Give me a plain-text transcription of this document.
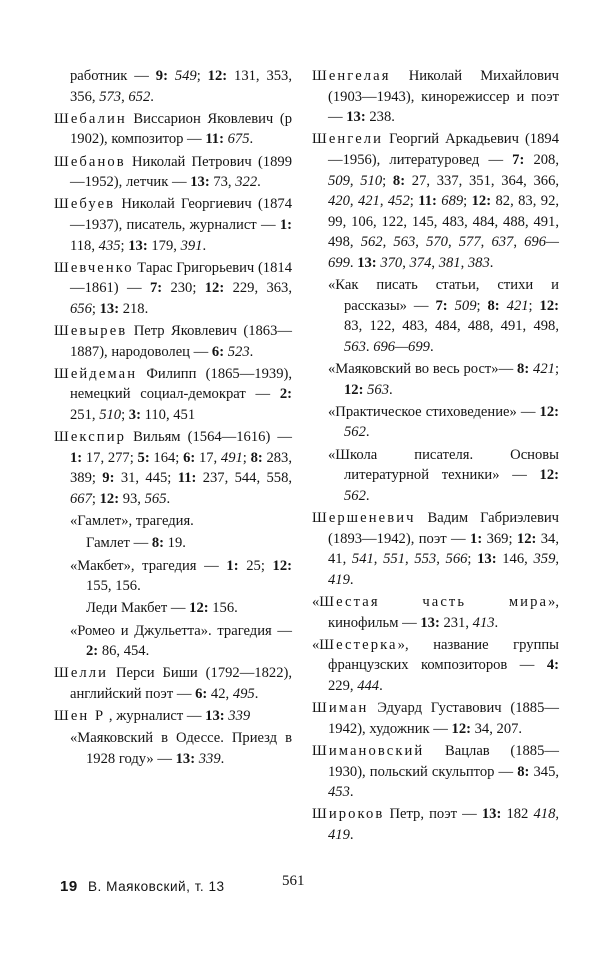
работник — 9: 549; 12: 131, 353, 356, 573, 652.
Шебалин Виссарион Яковлевич (р 1902), композитор — 11: 675.
Шебанов Николай Петрович (1899—1952), летчик — 13: 73, 322.
Шебуев Николай Георгиевич (1874—1937), писатель, журналист — 1: 118, 435; 13: 179, 391.
Шевченко Тарас Григорьевич (1814—1861) — 7: 230; 12: 229, 363, 656; 13: 218.
Шевырев Петр Яковлевич (1863—1887), народоволец — 6: 523.
Шейдеман Филипп (1865—1939), немецкий социал-демократ — 2: 251, 510; 3: 110, 451
Шекспир Вильям (1564—1616) — 1: 17, 277; 5: 164; 6: 17, 491; 8: 283, 389; 9: 31, 445; 11: 237, 544, 558, 667; 12: 93, 565.
«Гамлет», трагедия.
Гамлет — 8: 19.
«Макбет», трагедия — 1: 25; 12: 155, 156.
Леди Макбет — 12: 156.
«Ромео и Джульетта». трагедия — 2: 86, 454.
Шелли Перси Биши (1792—1822), английский поэт — 6: 42, 495.
Шен Р , журналист — 13: 339
«Маяковский в Одессе. Приезд в 1928 году» — 13: 339.
Шенгелая Николай Михайлович (1903—1943), кинорежиссер и поэт — 13: 238.
Шенгели Георгий Аркадьевич (1894—1956), литературовед — 7: 208, 509, 510; 8: 27, 337, 351, 364, 366, 420, 421, 452; 11: 689; 12: 82, 83, 92, 99, 106, 122, 145, 483, 484, 488, 491, 498, 562, 563, 570, 577, 637, 696—699. 13: 370, 374, 381, 383.
«Как писать статьи, стихи и рассказы» — 7: 509; 8: 421; 12: 83, 122, 483, 484, 488, 491, 498, 563. 696—699.
«Маяковский во весь рост»— 8: 421; 12: 563.
«Практическое стиховедение» — 12: 562.
«Школа писателя. Основы литературной техники» — 12: 562.
Шершеневич Вадим Габриэлевич (1893—1942), поэт — 1: 369; 12: 34, 41, 541, 551, 553, 566; 13: 146, 359, 419.
«Шестая часть мира», кинофильм — 13: 231, 413.
«Шестерка», название группы французских композиторов — 4: 229, 444.
Шиман Эдуард Густавович (1885—1942), художник — 12: 34, 207.
Шимановский Вацлав (1885—1930), польский скульптор — 8: 345, 453.
Широков Петр, поэт — 13: 182 418, 419.
19 В. Маяковский, т. 13	561
